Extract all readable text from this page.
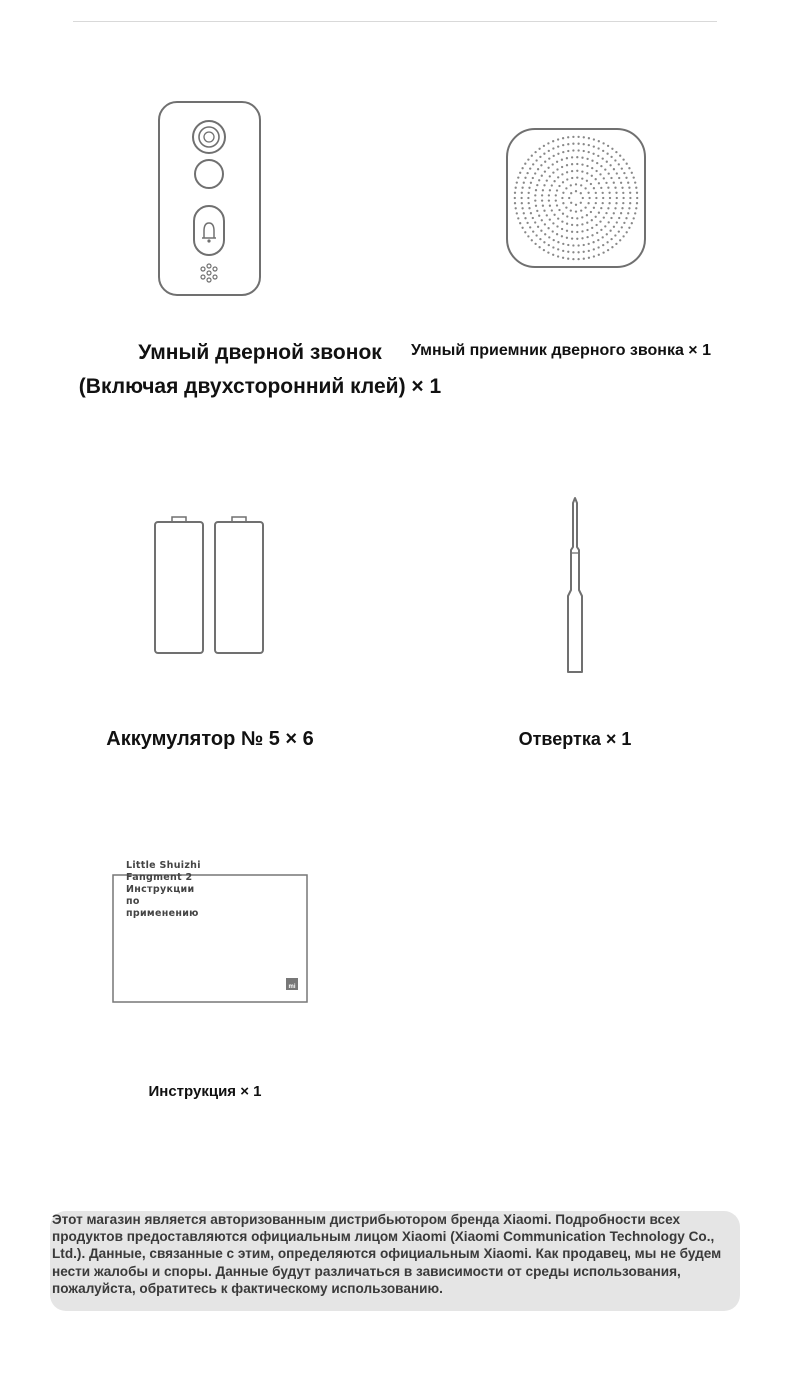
Little Shuizhi
Fangment 2
Инструкции
по
применению
mi
Умный дверной звонок
(Включая двухсторонний клей) × 1
Умный приемник дверного звонка × 1
Аккумулятор № 5 × 6	Отвертка × 1
Инструкция × 1
Этот магазин является авторизованным дистрибьютором бренда Xiaomi. Подробности всех продуктов предоставляются официальным лицом Xiaomi (Xiaomi Communication Technology Co., Ltd.). Данные, связанные с этим, определяются официальным Xiaomi. Как продавец, мы не будем нести жалобы и споры. Данные будут различаться в зависимости от среды использования, пожалуйста, обратитесь к фактическому использованию.
